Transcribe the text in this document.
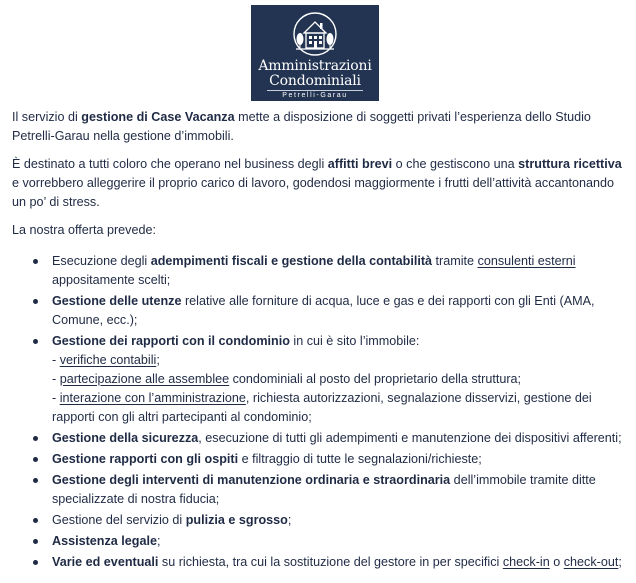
Amministrazioni
Condominiali
Petrelli-Garau

Il servizio di gestione di Case Vacanza mette a disposizione di soggetti privati l’esperienza dello Studio Petrelli-Garau nella gestione d’immobili.

È destinato a tutti coloro che operano nel business degli affitti brevi o che gestiscono una struttura ricettiva e vorrebbero alleggerire il proprio carico di lavoro, godendosi maggiormente i frutti dell’attività accantonando un po’ di stress.

La nostra offerta prevede:

Esecuzione degli adempimenti fiscali e gestione della contabilità tramite consulenti esterni appositamente scelti;
Gestione delle utenze relative alle forniture di acqua, luce e gas e dei rapporti con gli Enti (AMA, Comune, ecc.);
Gestione dei rapporti con il condominio in cui è sito l’immobile:
- verifiche contabili;
- partecipazione alle assemblee condominiali al posto del proprietario della struttura;
- interazione con l’amministrazione, richiesta autorizzazioni, segnalazione disservizi, gestione dei rapporti con gli altri partecipanti al condominio;
Gestione della sicurezza, esecuzione di tutti gli adempimenti e manutenzione dei dispositivi afferenti;
Gestione rapporti con gli ospiti e filtraggio di tutte le segnalazioni/richieste;
Gestione degli interventi di manutenzione ordinaria e straordinaria dell’immobile tramite ditte specializzate di nostra fiducia;
Gestione del servizio di pulizia e sgrosso;
Assistenza legale;
Varie ed eventuali su richiesta, tra cui la sostituzione del gestore in per specifici check-in o check-out;
